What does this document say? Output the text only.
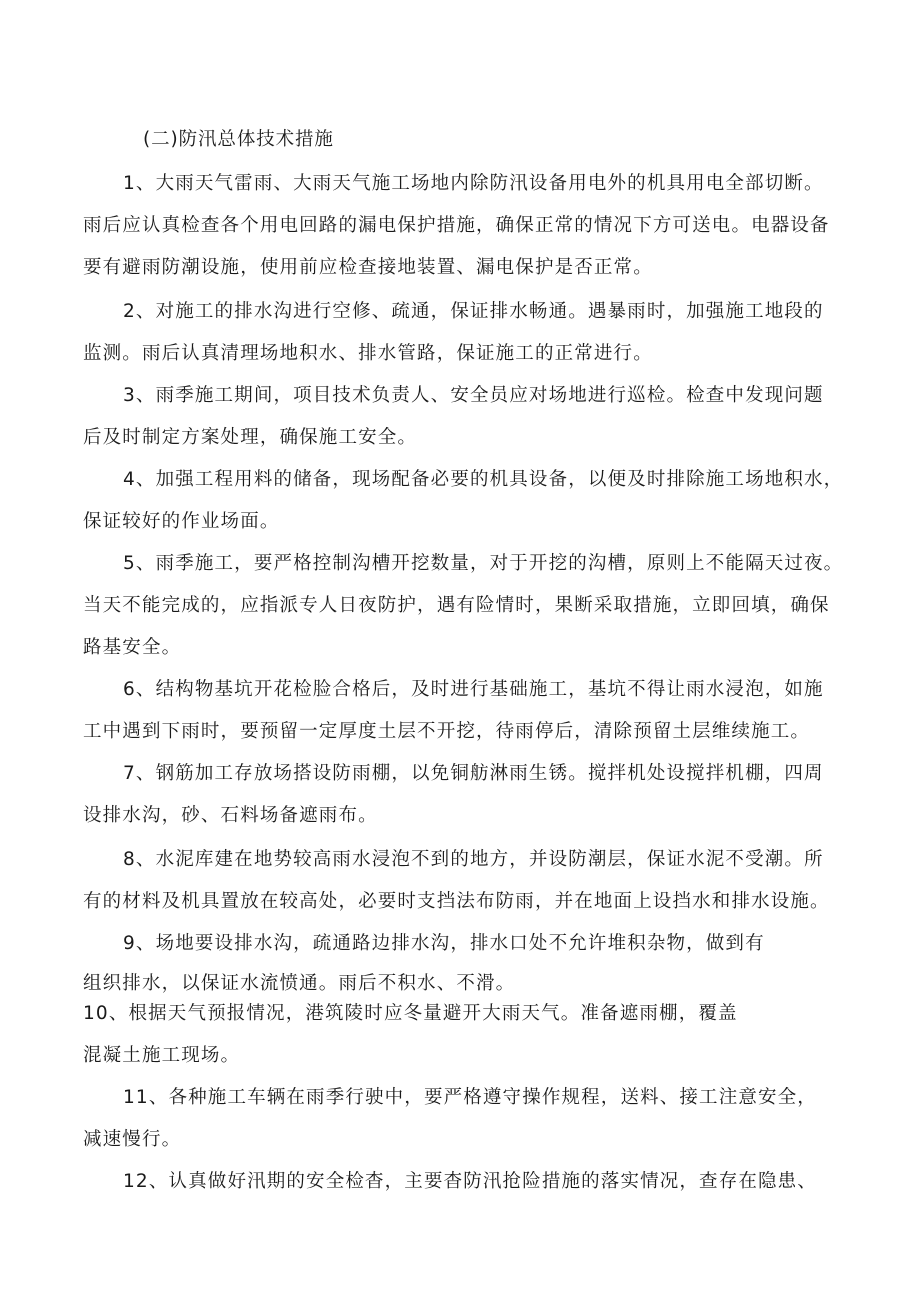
(二)防汛总体技术措施
1、大雨天气雷雨、大雨天气施工场地内除防汛设备用电外的机具用电全部切断。
雨后应认真检查各个用电回路的漏电保护措施，确保正常的情况下方可送电。电器设备
要有避雨防潮设施，使用前应检查接地装置、漏电保护是否正常。
2、对施工的排水沟进行空修、疏通，保证排水畅通。遇暴雨时，加强施工地段的
监测。雨后认真清理场地积水、排水管路，保证施工的正常进行。
3、雨季施工期间，项目技术负责人、安全员应对场地进行巡检。检查中发现问题
后及时制定方案处理，确保施工安全。
4、加强工程用料的储备，现场配备必要的机具设备，以便及时排除施工场地积水，
保证较好的作业场面。
5、雨季施工，要严格控制沟槽开挖数量，对于开挖的沟槽，原则上不能隔天过夜。
当天不能完成的，应指派专人日夜防护，遇有险情时，果断采取措施，立即回填，确保
路基安全。
6、结构物基坑开花检脸合格后，及时进行基础施工，基坑不得让雨水浸泡，如施
工中遇到下雨时，要预留一定厚度土层不开挖，待雨停后，清除预留土层维续施工。
7、钢筋加工存放场搭设防雨棚，以免铜舫淋雨生锈。搅拌机处设搅拌机棚，四周
设排水沟，砂、石料场备遮雨布。
8、水泥库建在地势较高雨水浸泡不到的地方，并设防潮层，保证水泥不受潮。所
有的材料及机具置放在较高处，必要时支挡法布防雨，并在地面上设挡水和排水设施。
9、场地要设排水沟，疏通路边排水沟，排水口处不允许堆积杂物，做到有
组织排水，以保证水流愤通。雨后不积水、不滑。
10、根据天气预报情况，港筑陵时应冬量避开大雨天气。准备遮雨棚，覆盖
混凝土施工现场。
11、各种施工车辆在雨季行驶中，要严格遵守操作规程，送料、接工注意安全，
减速慢行。
12、认真做好汛期的安全检杳，主要杳防汛抢险措施的落实情况，查存在隐患、
